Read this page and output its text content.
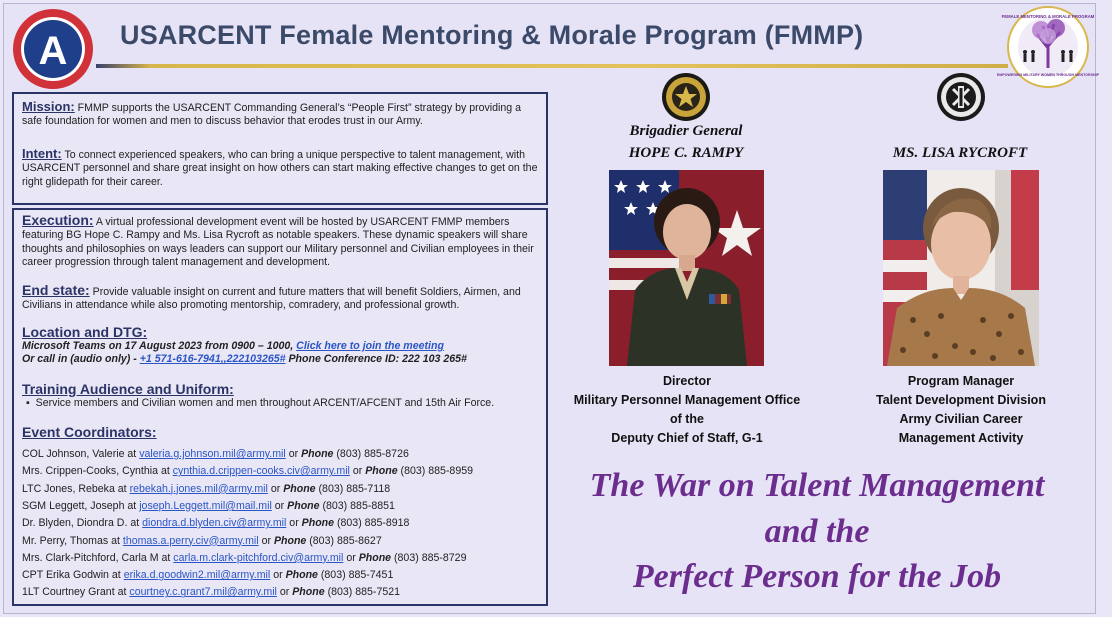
A USARCENT Female Mentoring & Morale Program (FMMP)
FEMALE MENTORING & MORALE PROGRAM
EMPOWERING MILITARY WOMEN THROUGH MENTORSHIP
Mission: FMMP supports the USARCENT Commanding General’s “People First” strategy by providing a safe foundation for women and men to discuss behavior that erodes trust in our Army.
Intent: To connect experienced speakers, who can bring a unique perspective to talent management, with USARCENT personnel and share great insight on how others can start making effective changes to get on the right glidepath for their career.
Execution: A virtual professional development event will be hosted by USARCENT FMMP members featuring BG Hope C. Rampy and Ms. Lisa Rycroft as notable speakers. These dynamic speakers will share thoughts and philosophies on ways leaders can support our Military personnel and Civilian employees in their career progression through talent management and development.
End state: Provide valuable insight on current and future matters that will benefit Soldiers, Airmen, and Civilians in attendance while also promoting mentorship, comradery, and professional growth.
Location and DTG:
Microsoft Teams on 17 August 2023 from 0900 – 1000, Click here to join the meeting
Or call in (audio only) - +1 571-616-7941,,222103265# Phone Conference ID: 222 103 265#
Training Audience and Uniform:
▪ Service members and Civilian women and men throughout ARCENT/AFCENT and 15th Air Force.
Event Coordinators:
COL Johnson, Valerie at valeria.g.johnson.mil@army.mil or Phone (803) 885-8726
Mrs. Crippen-Cooks, Cynthia at cynthia.d.crippen-cooks.civ@army.mil or Phone (803) 885-8959
LTC Jones, Rebeka at rebekah.j.jones.mil@army.mil or Phone (803) 885-7118
SGM Leggett, Joseph at joseph.Leggett.mil@mail.mil or Phone (803) 885-8851
Dr. Blyden, Diondra D. at diondra.d.blyden.civ@army.mil or Phone (803) 885-8918
Mr. Perry, Thomas at thomas.a.perry.civ@army.mil or Phone (803) 885-8627
Mrs. Clark-Pitchford, Carla M at carla.m.clark-pitchford.civ@army.mil or Phone (803) 885-8729
CPT Erika Godwin at erika.d.goodwin2.mil@army.mil or Phone (803) 885-7451
1LT Courtney Grant at courtney.c.grant7.mil@army.mil or Phone (803) 885-7521
Brigadier General
HOPE C. RAMPY
Director
Military Personnel Management Office
of the
Deputy Chief of Staff, G-1
MS. LISA RYCROFT
Program Manager
Talent Development Division
Army Civilian Career
Management Activity
The War on Talent Management
and the
Perfect Person for the Job
